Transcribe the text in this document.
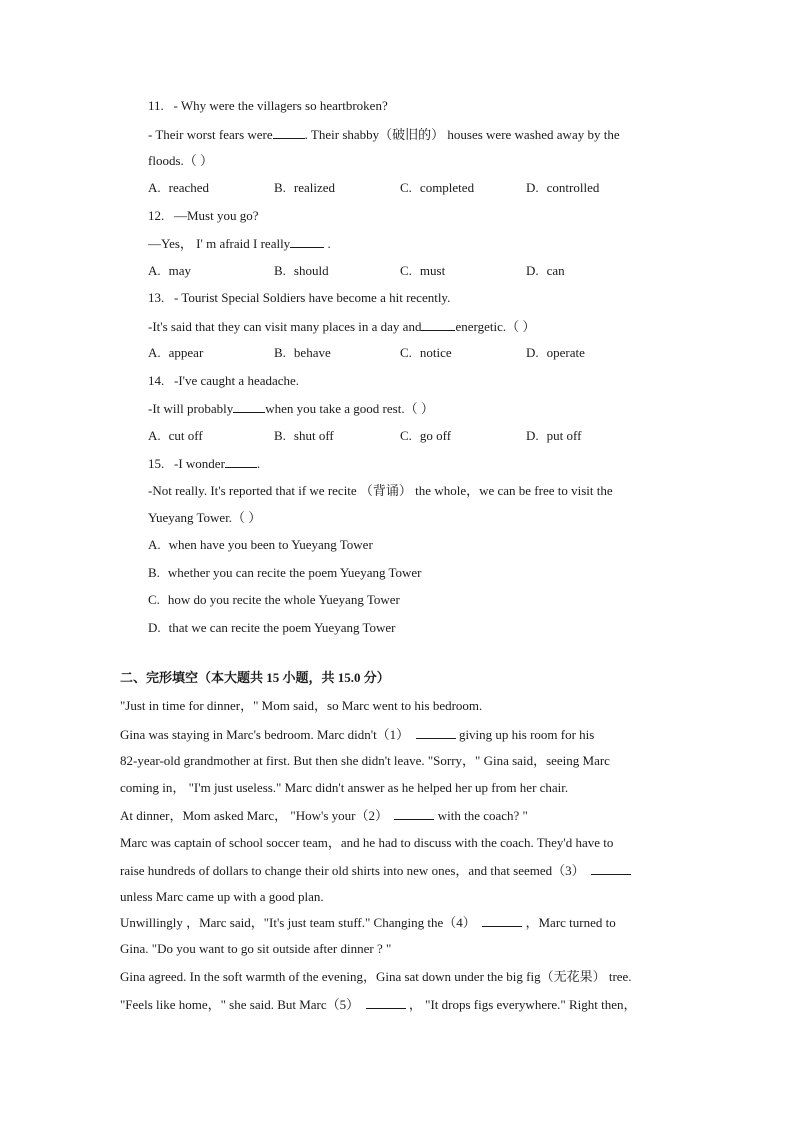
11. - Why were the villagers so heartbroken?
- Their worst fears were . Their shabby（破旧的） houses were washed away by the
floods.（ ）
A. reached	B. realized	C. completed	D. controlled
12. —Must you go?
—Yes， I' m afraid I really	.
A. may	B. should	C. must	D. can
13. - Tourist Special Soldiers have become a hit recently.
-It's said that they can visit many places in a day and	energetic.（ ）
A. appear	B. behave	C. notice	D. operate
14. -I've caught a headache.
-It will probably when you take a good rest.（ ）
A. cut off	B. shut off	C. go off	D. put off
15. -I wonder .
-Not really. It's reported that if we recite （背诵） the whole，we can be free to visit the
Yueyang Tower.（ ）
A. when have you been to Yueyang Tower
B. whether you can recite the poem Yueyang Tower
C. how do you recite the whole Yueyang Tower
D. that we can recite the poem Yueyang Tower
二、完形填空（本大题共 15 小题，共 15.0 分）
"Just in time for dinner，" Mom said，so Marc went to his bedroom.
Gina was staying in Marc's bedroom. Marc didn't（1）	giving up his room for his
82-year-old grandmother at first. But then she didn't leave. "Sorry，" Gina said，seeing Marc
coming in， "I'm just useless." Marc didn't answer as he helped her up from her chair.
At dinner，Mom asked Marc， "How's your（2）	with the coach? "
Marc was captain of school soccer team，and he had to discuss with the coach. They'd have to
raise hundreds of dollars to change their old shirts into new ones，and that seemed（3）
unless Marc came up with a good plan.
Unwillingly ，Marc said，"It's just team stuff." Changing the（4）	，Marc turned to
Gina. "Do you want to go sit outside after dinner ? "
Gina agreed. In the soft warmth of the evening，Gina sat down under the big fig（无花果） tree.
"Feels like home，" she said. But Marc（5）	， "It drops figs everywhere." Right then，
